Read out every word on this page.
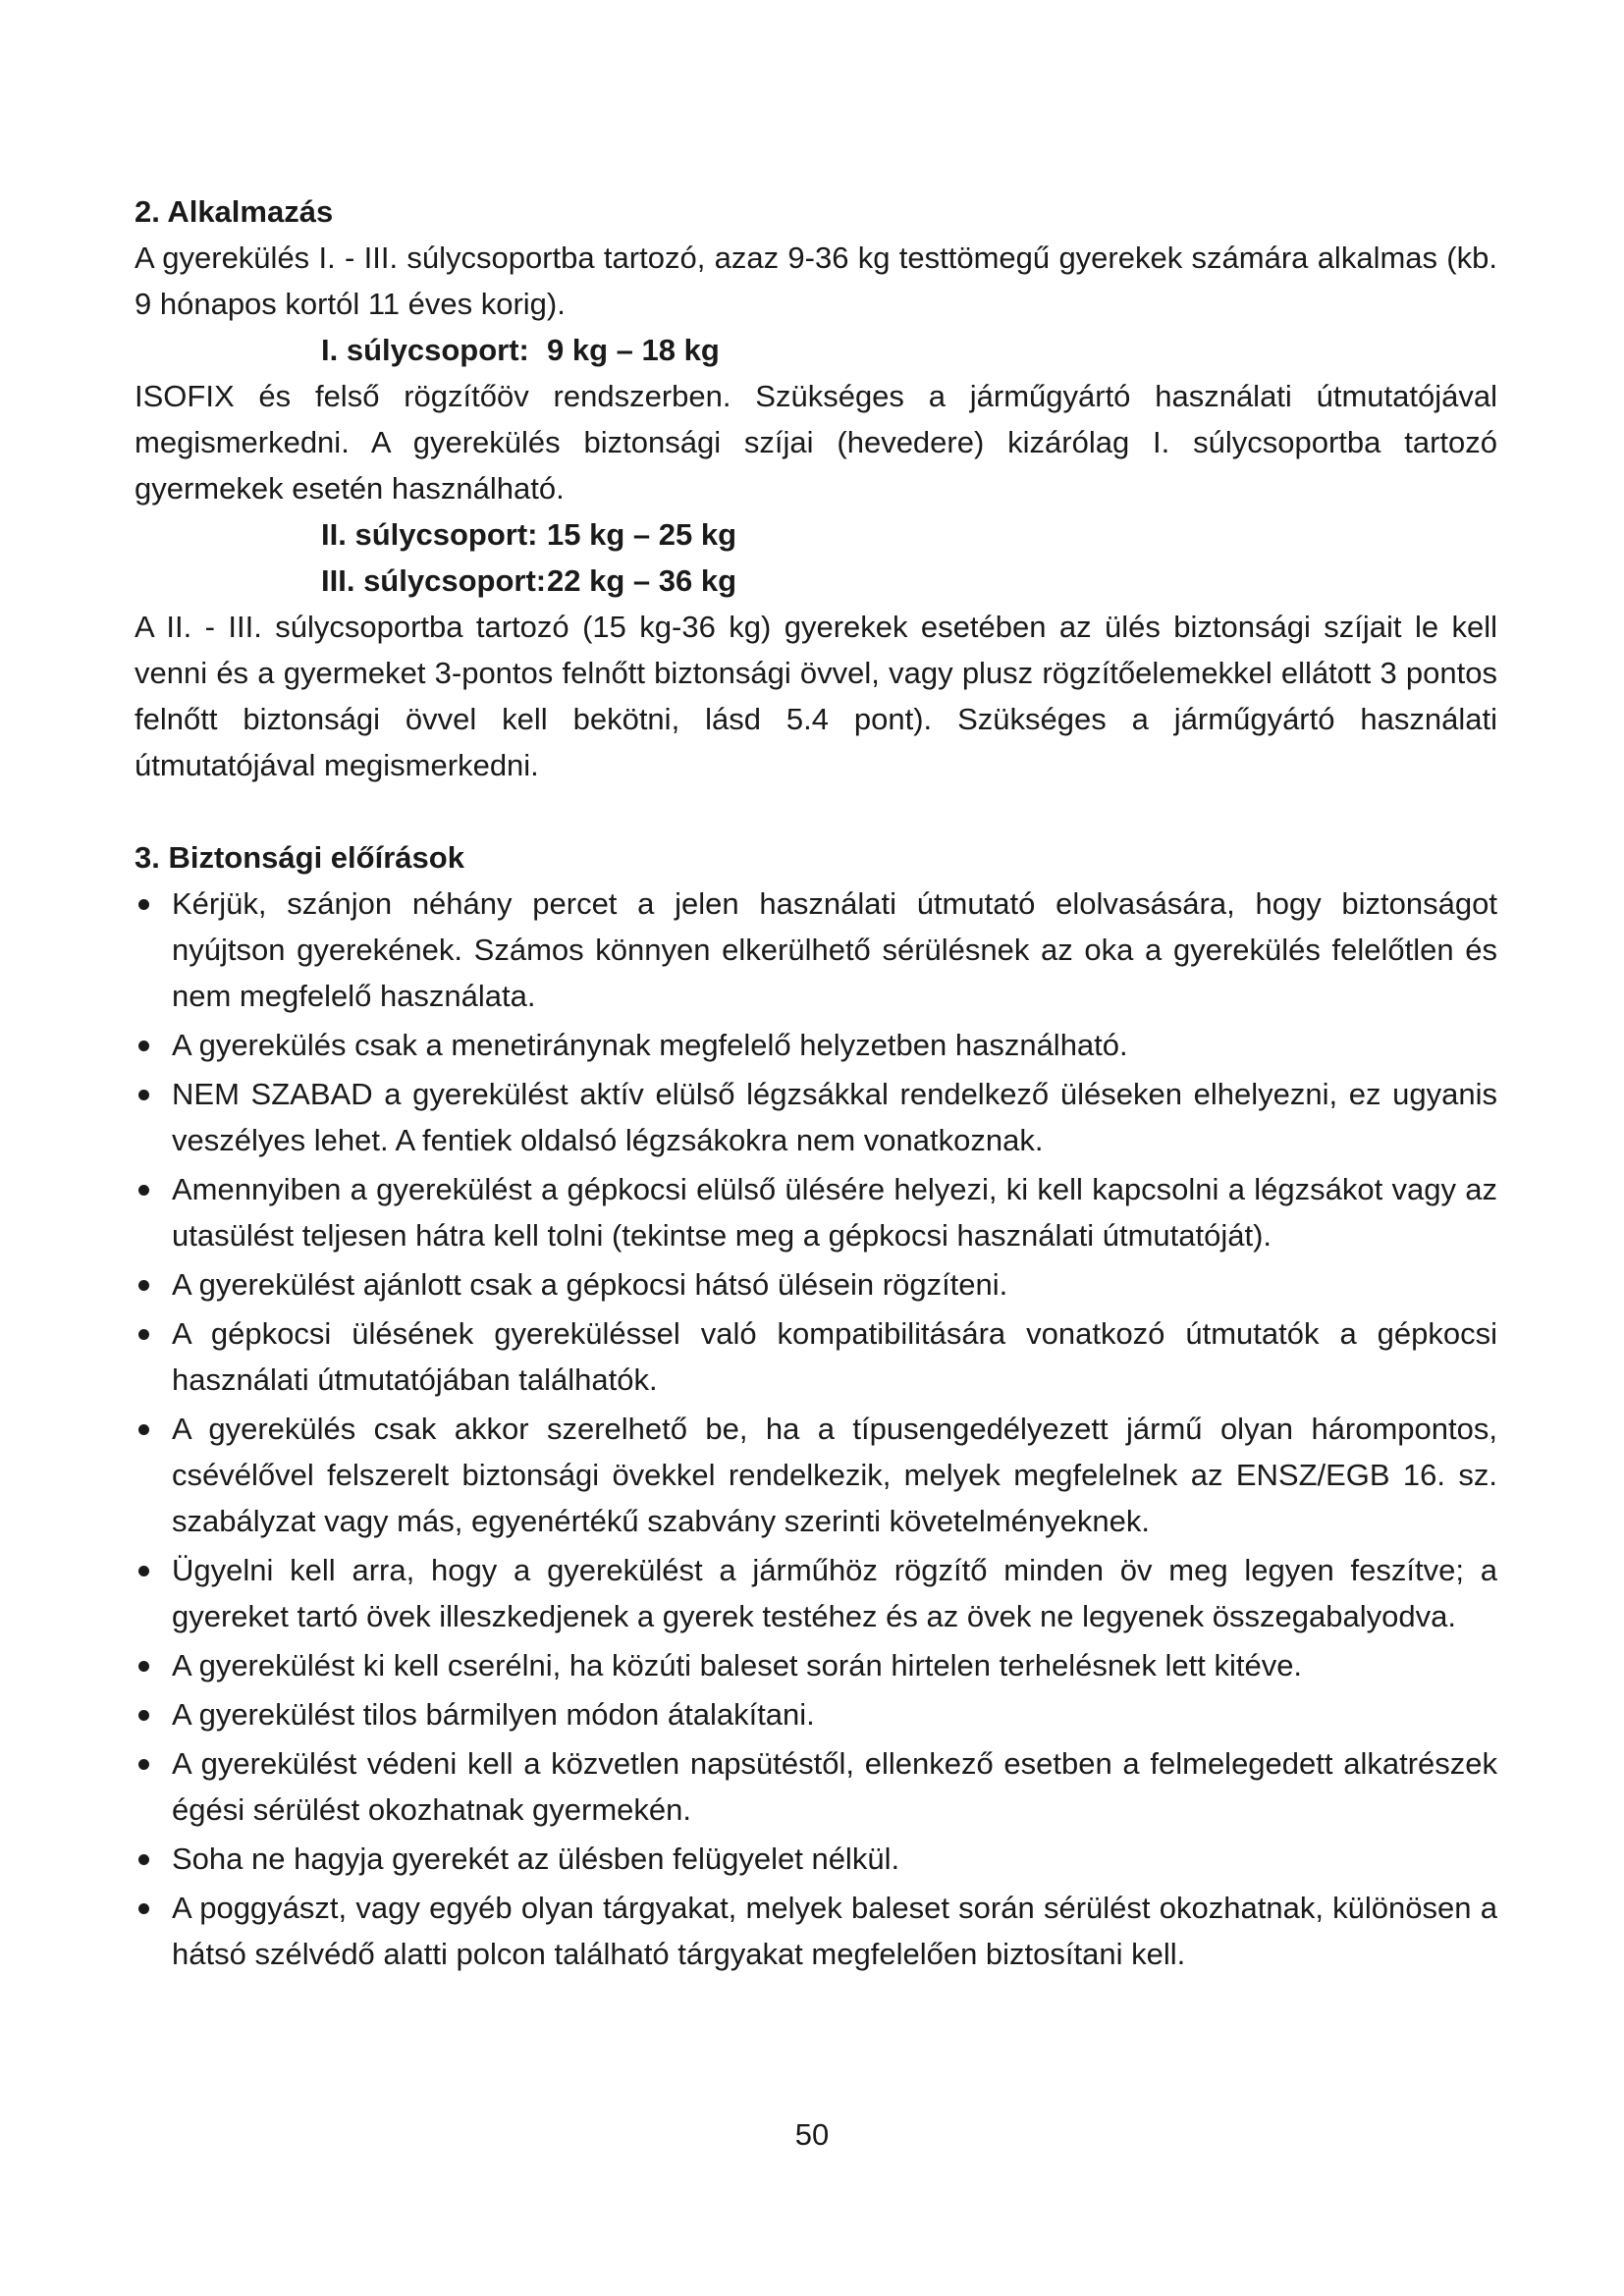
2. Alkalmazás

A gyerekülés I. - III. súlycsoportba tartozó, azaz 9-36 kg testtömegű gyerekek számára alkalmas (kb. 9 hónapos kortól 11 éves korig).

I. súlycsoport: 9 kg – 18 kg

ISOFIX és felső rögzítőöv rendszerben. Szükséges a járműgyártó használati útmutatójával megismerkedni. A gyerekülés biztonsági szíjai (hevedere) kizárólag I. súlycsoportba tartozó gyermekek esetén használható.

II. súlycsoport: 15 kg – 25 kg

III. súlycsoport:22 kg – 36 kg

A II. - III. súlycsoportba tartozó (15 kg-36 kg) gyerekek esetében az ülés biztonsági szíjait le kell venni és a gyermeket 3-pontos felnőtt biztonsági övvel, vagy plusz rögzítőelemekkel ellátott 3 pontos felnőtt biztonsági övvel kell bekötni, lásd 5.4 pont). Szükséges a járműgyártó használati útmutatójával megismerkedni.

3. Biztonsági előírások

Kérjük, szánjon néhány percet a jelen használati útmutató elolvasására, hogy biztonságot nyújtson gyerekének. Számos könnyen elkerülhető sérülésnek az oka a gyerekülés felelőtlen és nem megfelelő használata.
A gyerekülés csak a menetiránynak megfelelő helyzetben használható.
NEM SZABAD a gyerekülést aktív elülső légzsákkal rendelkező üléseken elhelyezni, ez ugyanis veszélyes lehet. A fentiek oldalsó légzsákokra nem vonatkoznak.
Amennyiben a gyerekülést a gépkocsi elülső ülésére helyezi, ki kell kapcsolni a légzsákot vagy az utasülést teljesen hátra kell tolni (tekintse meg a gépkocsi használati útmutatóját).
A gyerekülést ajánlott csak a gépkocsi hátsó ülésein rögzíteni.
A gépkocsi ülésének gyereküléssel való kompatibilitására vonatkozó útmutatók a gépkocsi használati útmutatójában találhatók.
A gyerekülés csak akkor szerelhető be, ha a típusengedélyezett jármű olyan hárompontos, csévélővel felszerelt biztonsági övekkel rendelkezik, melyek megfelelnek az ENSZ/EGB 16. sz. szabályzat vagy más, egyenértékű szabvány szerinti követelményeknek.
Ügyelni kell arra, hogy a gyerekülést a járműhöz rögzítő minden öv meg legyen feszítve; a gyereket tartó övek illeszkedjenek a gyerek testéhez és az övek ne legyenek összegabalyodva.
A gyerekülést ki kell cserélni, ha közúti baleset során hirtelen terhelésnek lett kitéve.
A gyerekülést tilos bármilyen módon átalakítani.
A gyerekülést védeni kell a közvetlen napsütéstől, ellenkező esetben a felmelegedett alkatrészek égési sérülést okozhatnak gyermekén.
Soha ne hagyja gyerekét az ülésben felügyelet nélkül.
A poggyászt, vagy egyéb olyan tárgyakat, melyek baleset során sérülést okozhatnak, különösen a hátsó szélvédő alatti polcon található tárgyakat megfelelően biztosítani kell.
50
